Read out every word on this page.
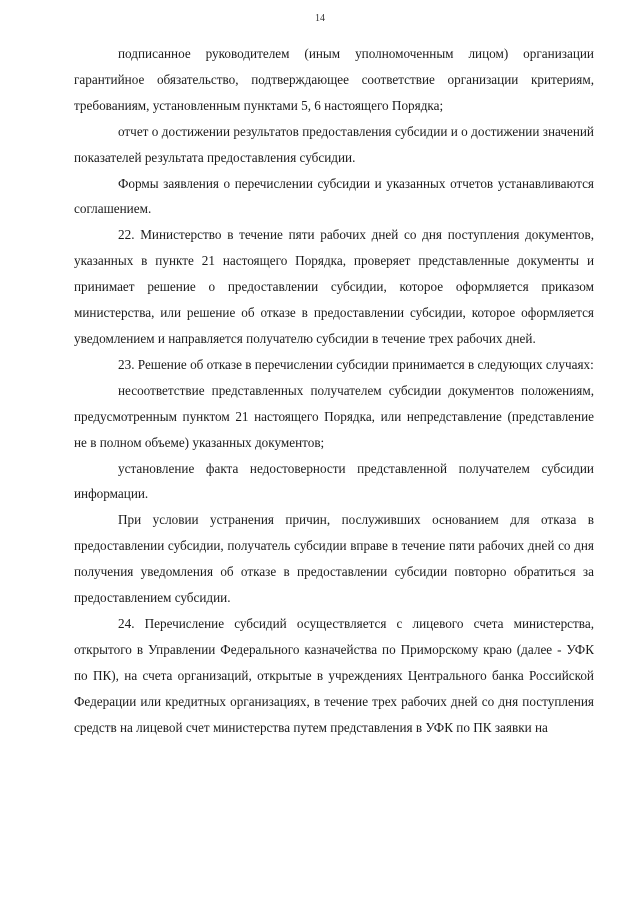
14

подписанное руководителем (иным уполномоченным лицом) организации гарантийное обязательство, подтверждающее соответствие организации критериям, требованиям, установленным пунктами 5, 6 настоящего Порядка;

отчет о достижении результатов предоставления субсидии и о достижении значений показателей результата предоставления субсидии.

Формы заявления о перечислении субсидии и указанных отчетов устанавливаются соглашением.

22. Министерство в течение пяти рабочих дней со дня поступления документов, указанных в пункте 21 настоящего Порядка, проверяет представленные документы и принимает решение о предоставлении субсидии, которое оформляется приказом министерства, или решение об отказе в предоставлении субсидии, которое оформляется уведомлением и направляется получателю субсидии в течение трех рабочих дней.

23. Решение об отказе в перечислении субсидии принимается в следующих случаях:

несоответствие представленных получателем субсидии документов положениям, предусмотренным пунктом 21 настоящего Порядка, или непредставление (представление не в полном объеме) указанных документов;

установление факта недостоверности представленной получателем субсидии информации.

При условии устранения причин, послуживших основанием для отказа в предоставлении субсидии, получатель субсидии вправе в течение пяти рабочих дней со дня получения уведомления об отказе в предоставлении субсидии повторно обратиться за предоставлением субсидии.

24. Перечисление субсидий осуществляется с лицевого счета министерства, открытого в Управлении Федерального казначейства по Приморскому краю (далее - УФК по ПК), на счета организаций, открытые в учреждениях Центрального банка Российской Федерации или кредитных организациях, в течение трех рабочих дней со дня поступления средств на лицевой счет министерства путем представления в УФК по ПК заявки на
